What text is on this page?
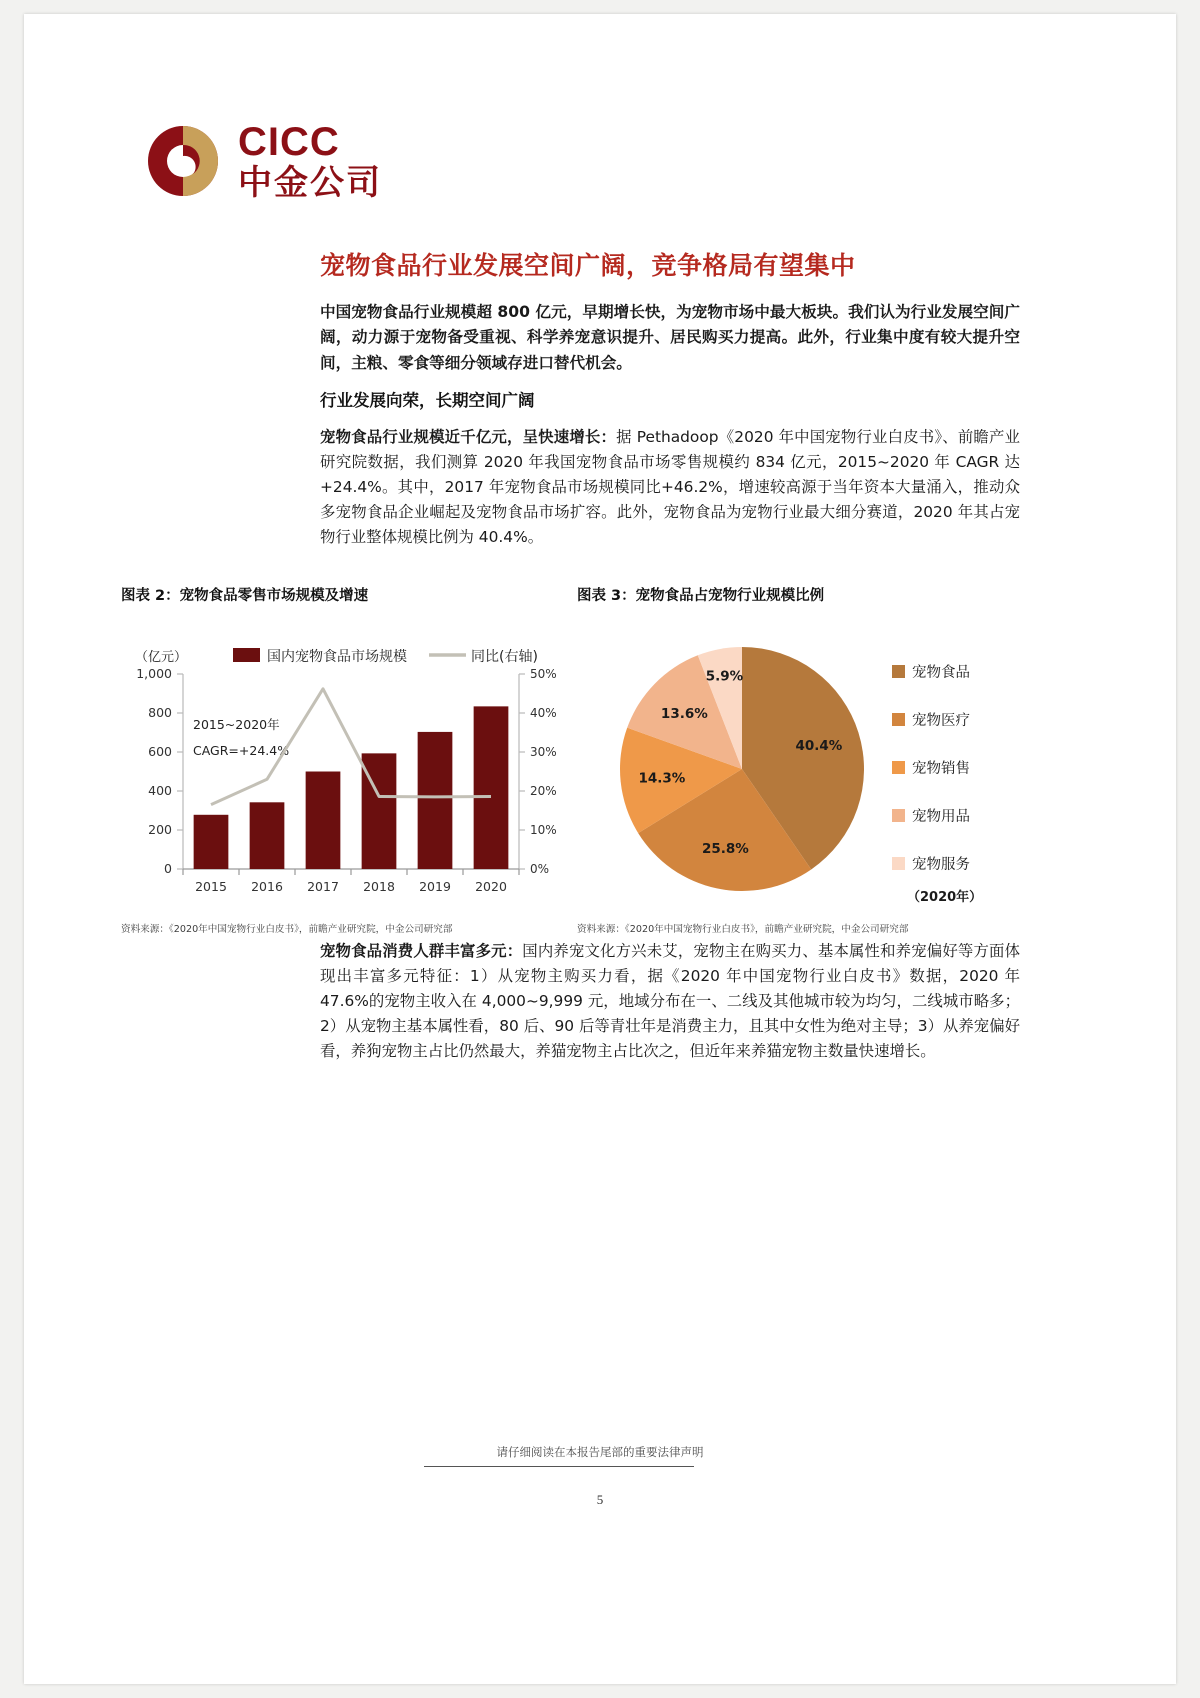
CICC
中金公司
宠物食品行业发展空间广阔，竞争格局有望集中

中国宠物食品行业规模超 800 亿元，早期增长快，为宠物市场中最大板块。我们认为行业发展空间广阔，动力源于宠物备受重视、科学养宠意识提升、居民购买力提高。此外，行业集中度有较大提升空间，主粮、零食等细分领域存进口替代机会。

行业发展向荣，长期空间广阔

宠物食品行业规模近千亿元，呈快速增长：据 Pethadoop《2020 年中国宠物行业白皮书》、前瞻产业研究院数据，我们测算 2020 年我国宠物食品市场零售规模约 834 亿元，2015~2020 年 CAGR 达+24.4%。其中，2017 年宠物食品市场规模同比+46.2%，增速较高源于当年资本大量涌入，推动众多宠物食品企业崛起及宠物食品市场扩容。此外，宠物食品为宠物行业最大细分赛道，2020 年其占宠物行业整体规模比例为 40.4%。

图表 2：宠物食品零售市场规模及增速
（亿元）	国内宠物食品市场规模	同比(右轴)
1,000
800
600
400
200
0
50%
40%
30%
20%
10%
0%
2015~2020年
CAGR=+24.4%
2015 2016 2017 2018 2019 2020
资料来源：《2020年中国宠物行业白皮书》，前瞻产业研究院，中金公司研究部
图表 3：宠物食品占宠物行业规模比例
40.4%
25.8%
14.3%
13.6%
5.9%	宠物食品
宠物医疗
宠物销售
宠物用品
宠物服务
（2020年）
资料来源：《2020年中国宠物行业白皮书》，前瞻产业研究院，中金公司研究部

宠物食品消费人群丰富多元：国内养宠文化方兴未艾，宠物主在购买力、基本属性和养宠偏好等方面体现出丰富多元特征：1）从宠物主购买力看，据《2020 年中国宠物行业白皮书》数据，2020 年 47.6%的宠物主收入在 4,000~9,999 元，地域分布在一、二线及其他城市较为均匀，二线城市略多；2）从宠物主基本属性看，80 后、90 后等青壮年是消费主力，且其中女性为绝对主导；3）从养宠偏好看，养狗宠物主占比仍然最大，养猫宠物主占比次之，但近年来养猫宠物主数量快速增长。

请仔细阅读在本报告尾部的重要法律声明
5
